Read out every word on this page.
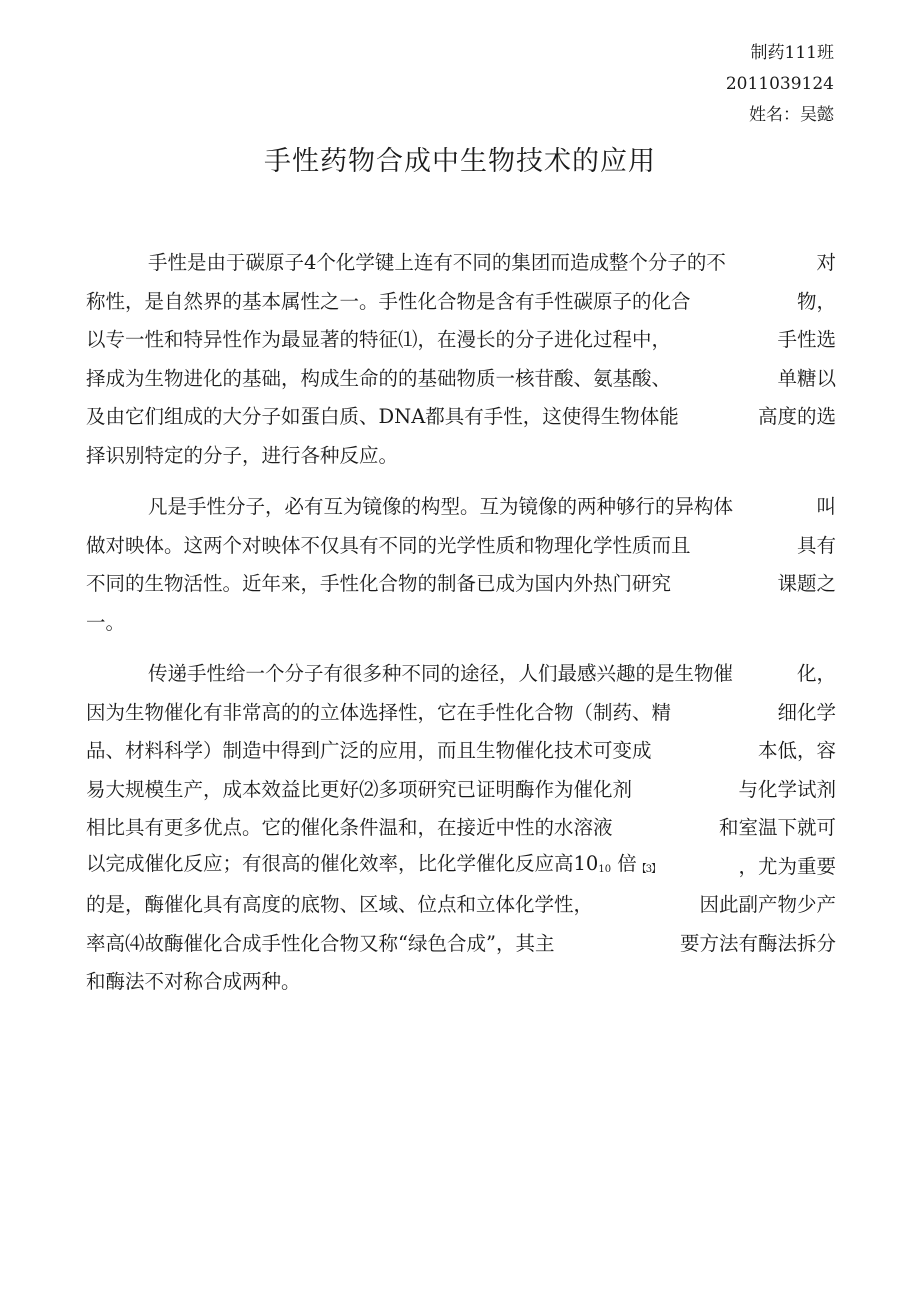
制药111班
2011039124
姓名：吴懿
手性药物合成中生物技术的应用
手性是由于碳原子4个化学键上连有不同的集团而造成整个分子的不	对
称性，是自然界的基本属性之一。手性化合物是含有手性碳原子的化合	物，
以专一性和特异性作为最显著的特征⑴，在漫长的分子进化过程中，	手性选
择成为生物进化的基础，构成生命的的基础物质一核苷酸、氨基酸、	单糖以
及由它们组成的大分子如蛋白质、DNA都具有手性，这使得生物体能	高度的选
择识别特定的分子，进行各种反应。
凡是手性分子，必有互为镜像的构型。互为镜像的两种够行的异构体	叫
做对映体。这两个对映体不仅具有不同的光学性质和物理化学性质而且	具有
不同的生物活性。近年来，手性化合物的制备已成为国内外热门研究	课题之
一。
传递手性给一个分子有很多种不同的途径，人们最感兴趣的是生物催	化，
因为生物催化有非常高的的立体选择性，它在手性化合物（制药、精	细化学
品、材料科学）制造中得到广泛的应用，而且生物催化技术可变成	本低，容
易大规模生产，成本效益比更好⑵多项研究已证明酶作为催化剂	与化学试剂
相比具有更多优点。它的催化条件温和，在接近中性的水溶液	和室温下就可
以完成催化反应；有很高的催化效率，比化学催化反应高$10_{10}$ 倍【3】	，尤为重要
的是，酶催化具有高度的底物、区域、位点和立体化学性，	因此副产物少产
率高⑷故酶催化合成手性化合物又称“绿色合成”，其主	要方法有酶法拆分
和酶法不对称合成两种。
